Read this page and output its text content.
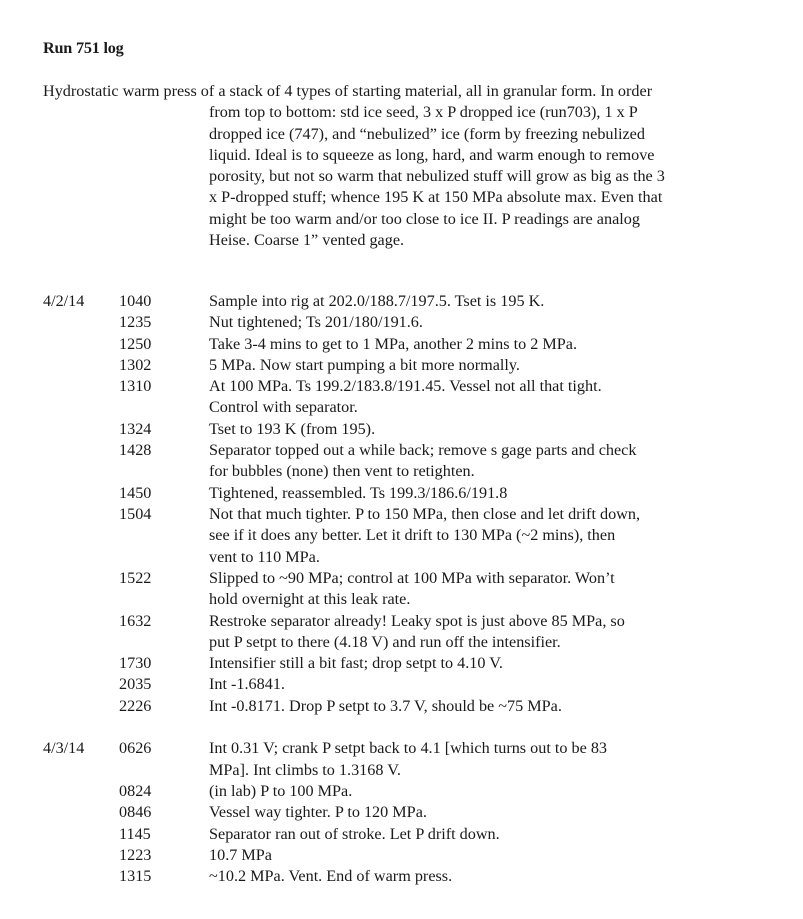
Run 751 log
Hydrostatic warm press of a stack of 4 types of starting material, all in granular form. In order
from top to bottom: std ice seed, 3 x P dropped ice (run703), 1 x P
dropped ice (747), and “nebulized” ice (form by freezing nebulized
liquid. Ideal is to squeeze as long, hard, and warm enough to remove
porosity, but not so warm that nebulized stuff will grow as big as the 3
x P-dropped stuff; whence 195 K at 150 MPa absolute max. Even that
might be too warm and/or too close to ice II. P readings are analog
Heise. Coarse 1” vented gage.
4/2/14 1040	Sample into rig at 202.0/188.7/197.5. Tset is 195 K.
1235	Nut tightened; Ts 201/180/191.6.
1250	Take 3-4 mins to get to 1 MPa, another 2 mins to 2 MPa.
1302	5 MPa. Now start pumping a bit more normally.
1310	At 100 MPa. Ts 199.2/183.8/191.45. Vessel not all that tight.
Control with separator.
1324	Tset to 193 K (from 195).
1428	Separator topped out a while back; remove s gage parts and check
for bubbles (none) then vent to retighten.
1450	Tightened, reassembled. Ts 199.3/186.6/191.8
1504	Not that much tighter. P to 150 MPa, then close and let drift down,
see if it does any better. Let it drift to 130 MPa (~2 mins), then
vent to 110 MPa.
1522	Slipped to ~90 MPa; control at 100 MPa with separator. Won’t
hold overnight at this leak rate.
1632	Restroke separator already! Leaky spot is just above 85 MPa, so
put P setpt to there (4.18 V) and run off the intensifier.
1730	Intensifier still a bit fast; drop setpt to 4.10 V.
2035	Int -1.6841.
2226	Int -0.8171. Drop P setpt to 3.7 V, should be ~75 MPa.
4/3/14 0626	Int 0.31 V; crank P setpt back to 4.1 [which turns out to be 83
MPa]. Int climbs to 1.3168 V.
0824	(in lab) P to 100 MPa.
0846	Vessel way tighter. P to 120 MPa.
1145	Separator ran out of stroke. Let P drift down.
1223	10.7 MPa
1315	~10.2 MPa. Vent. End of warm press.
